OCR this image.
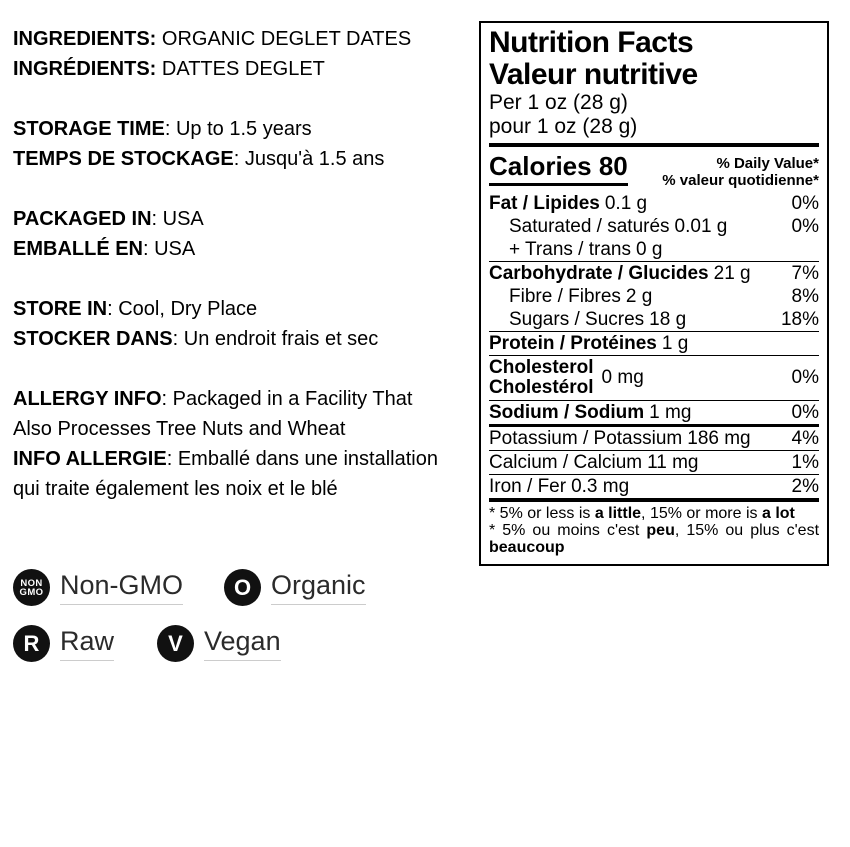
INGREDIENTS: ORGANIC DEGLET DATES
INGRÉDIENTS: DATTES DEGLET
STORAGE TIME: Up to 1.5 years
TEMPS DE STOCKAGE: Jusqu'à 1.5 ans
PACKAGED IN: USA
EMBALLÉ EN: USA
STORE IN: Cool, Dry Place
STOCKER DANS: Un endroit frais et sec
ALLERGY INFO: Packaged in a Facility That
Also Processes Tree Nuts and Wheat
INFO ALLERGIE: Emballé dans une installation
qui traite également les noix et le blé
NON
GMO Non-GMO O Organic
R Raw V Vegan
Nutrition Facts
Valeur nutritive
Per 1 oz (28 g)
pour 1 oz (28 g)
Calories 80	% Daily Value*
% valeur quotidienne*
Fat / Lipides 0.1 g	0%
Saturated / saturés 0.01 g	0%
+ Trans / trans 0 g
Carbohydrate / Glucides 21 g 7%
Fibre / Fibres 2 g	8%
Sugars / Sucres 18 g	18%
Protein / Protéines 1 g
Cholesterol
Cholestérol 0 mg	0%
Sodium / Sodium 1 mg	0%
Potassium / Potassium 186 mg 4%
Calcium / Calcium 11 mg	1%
Iron / Fer 0.3 mg	2%
* 5% or less is a little, 15% or more is a lot
* 5% ou moins c'est peu, 15% ou plus c'est beaucoup
